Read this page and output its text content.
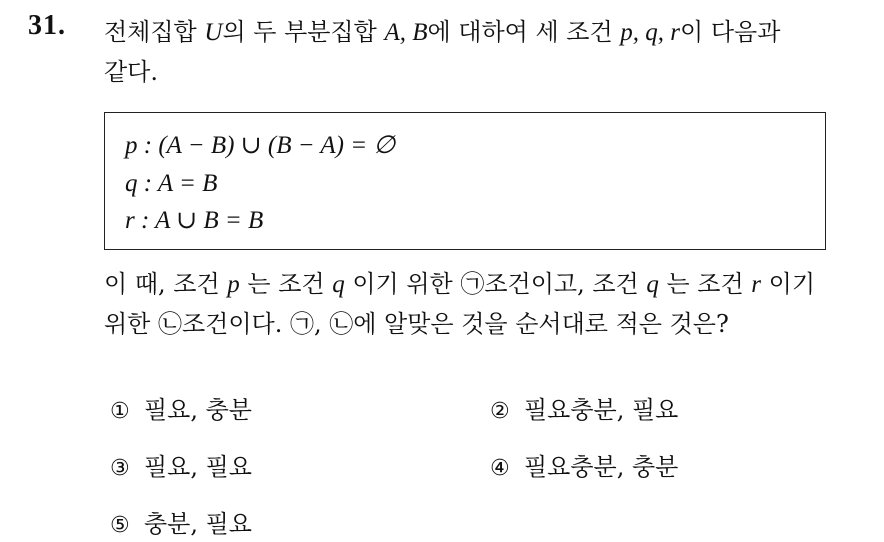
31. 전체집합 U의 두 부분집합 A, B에 대하여 세 조건 p, q, r이 다음과
같다.
p : (A − B) ∪ (B − A) = ∅
q : A = B
r : A ∪ B = B
이 때, 조건 p 는 조건 q 이기 위한 ㉠조건이고, 조건 q 는 조건 r 이기
위한 ㉡조건이다. ㉠, ㉡에 알맞은 것을 순서대로 적은 것은?
① 필요, 충분	② 필요충분, 필요
③ 필요, 필요	④ 필요충분, 충분
⑤ 충분, 필요
